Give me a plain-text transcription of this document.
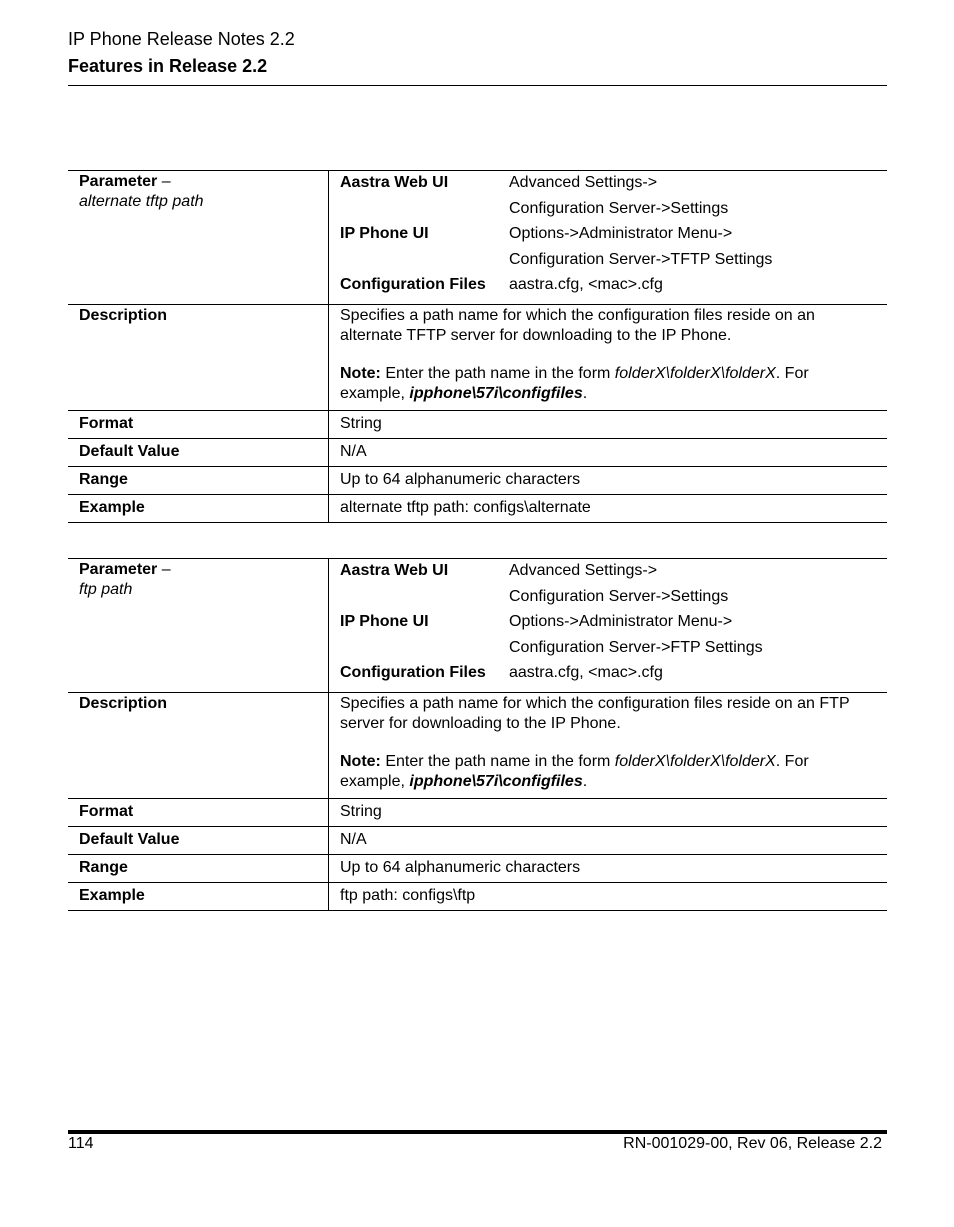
IP Phone Release Notes 2.2
Features in Release 2.2
Parameter –
alternate tftp path	
Aastra Web UI	Advanced Settings->
	Configuration Server->Settings
IP Phone UI	Options->Administrator Menu->
	Configuration Server->TFTP Settings
Configuration Files	aastra.cfg, <mac>.cfg

Description	Specifies a path name for which the configuration files reside on an alternate TFTP server for downloading to the IP Phone.

Note: Enter the path name in the form folderX\folderX\folderX. For example, ipphone\57i\configfiles.

Format	String
Default Value	N/A
Range	Up to 64 alphanumeric characters
Example	alternate tftp path: configs\alternate
Parameter –
ftp path	
Aastra Web UI	Advanced Settings->
	Configuration Server->Settings
IP Phone UI	Options->Administrator Menu->
	Configuration Server->FTP Settings
Configuration Files	aastra.cfg, <mac>.cfg

Description	Specifies a path name for which the configuration files reside on an FTP server for downloading to the IP Phone.

Note: Enter the path name in the form folderX\folderX\folderX. For example, ipphone\57i\configfiles.

Format	String
Default Value	N/A
Range	Up to 64 alphanumeric characters
Example	ftp path: configs\ftp
114	RN-001029-00, Rev 06, Release 2.2
